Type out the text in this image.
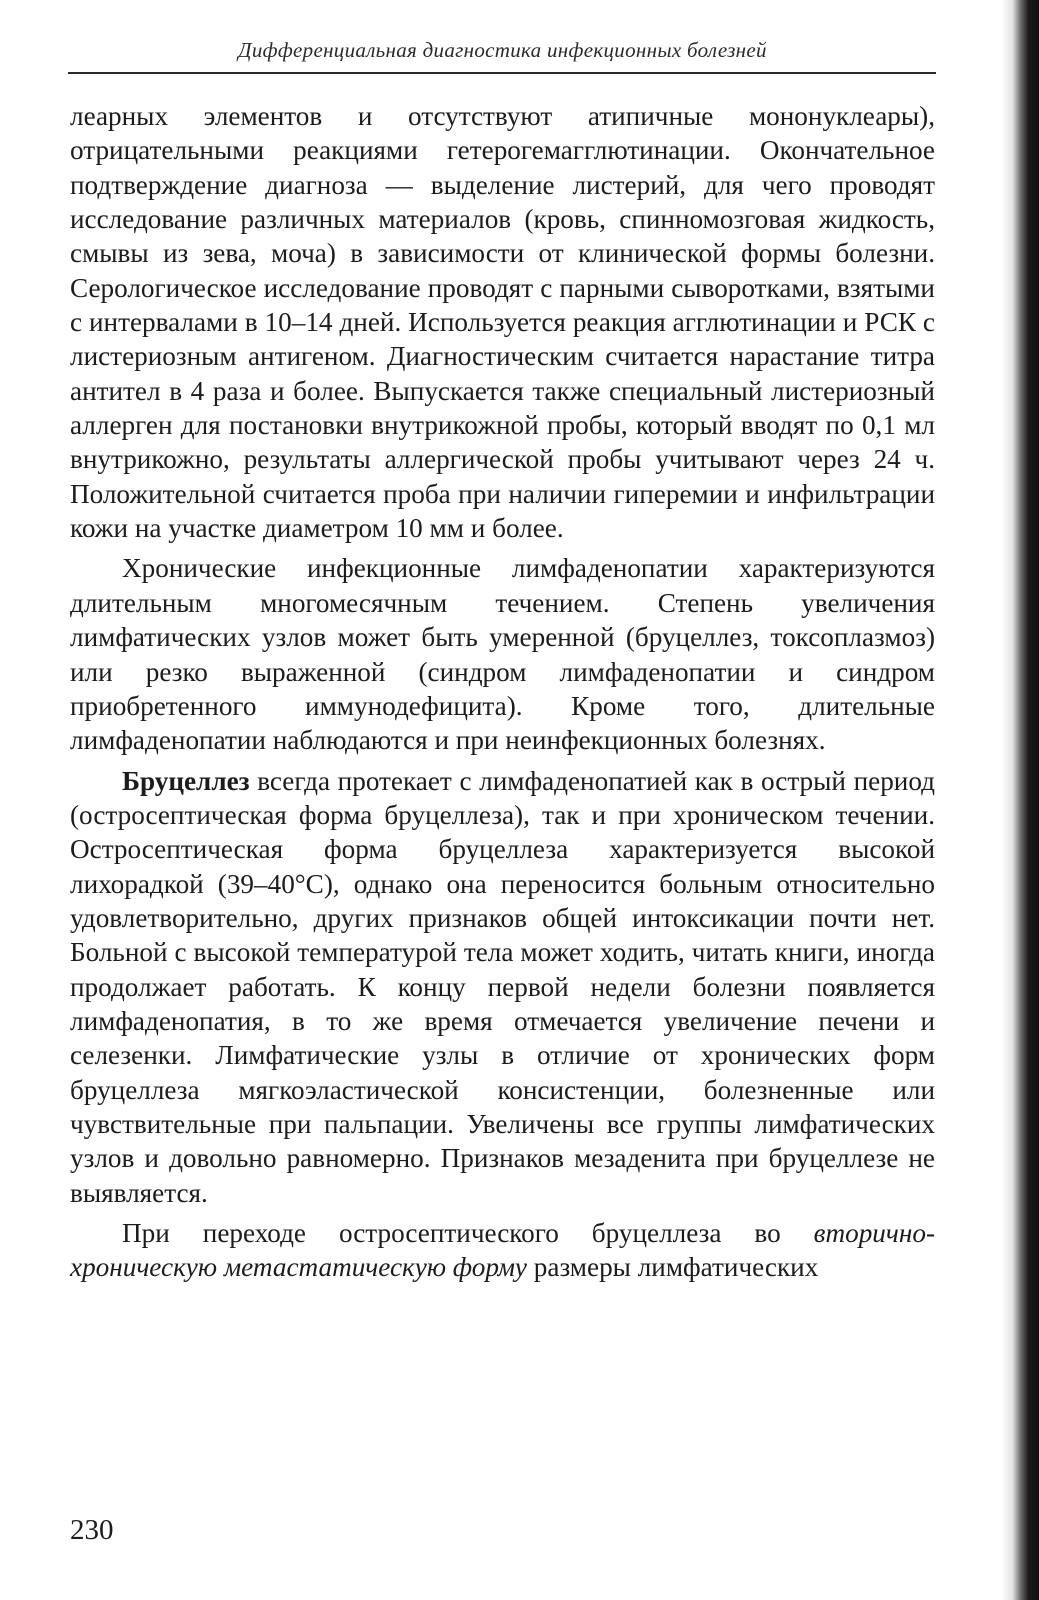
Дифференциальная диагностика инфекционных болезней

леарных элементов и отсутствуют атипичные мононуклеары), отрицательными реакциями гетерогемагглютинации. Окончательное подтверждение диагноза — выделение листерий, для чего проводят исследование различных материалов (кровь, спинномозговая жидкость, смывы из зева, моча) в зависимости от клинической формы болезни. Серологическое исследование проводят с парными сыворотками, взятыми с интервалами в 10–14 дней. Используется реакция агглютинации и РСК с листериозным антигеном. Диагностическим считается нарастание титра антител в 4 раза и более. Выпускается также специальный листериозный аллерген для постановки внутрикожной пробы, который вводят по 0,1 мл внутрикожно, результаты аллергической пробы учитывают через 24 ч. Положительной считается проба при наличии гиперемии и инфильтрации кожи на участке диаметром 10 мм и более.

Хронические инфекционные лимфаденопатии характеризуются длительным многомесячным течением. Степень увеличения лимфатических узлов может быть умеренной (бруцеллез, токсоплазмоз) или резко выраженной (синдром лимфаденопатии и синдром приобретенного иммунодефицита). Кроме того, длительные лимфаденопатии наблюдаются и при неинфекционных болезнях.

Бруцеллез всегда протекает с лимфаденопатией как в острый период (остросептическая форма бруцеллеза), так и при хроническом течении. Остросептическая форма бруцеллеза характеризуется высокой лихорадкой (39–40°С), однако она переносится больным относительно удовлетворительно, других признаков общей интоксикации почти нет. Больной с высокой температурой тела может ходить, читать книги, иногда продолжает работать. К концу первой недели болезни появляется лимфаденопатия, в то же время отмечается увеличение печени и селезенки. Лимфатические узлы в отличие от хронических форм бруцеллеза мягкоэластической консистенции, болезненные или чувствительные при пальпации. Увеличены все группы лимфатических узлов и довольно равномерно. Признаков мезаденита при бруцеллезе не выявляется.

При переходе остросептического бруцеллеза во вторично-хроническую метастатическую форму размеры лимфатических

230
